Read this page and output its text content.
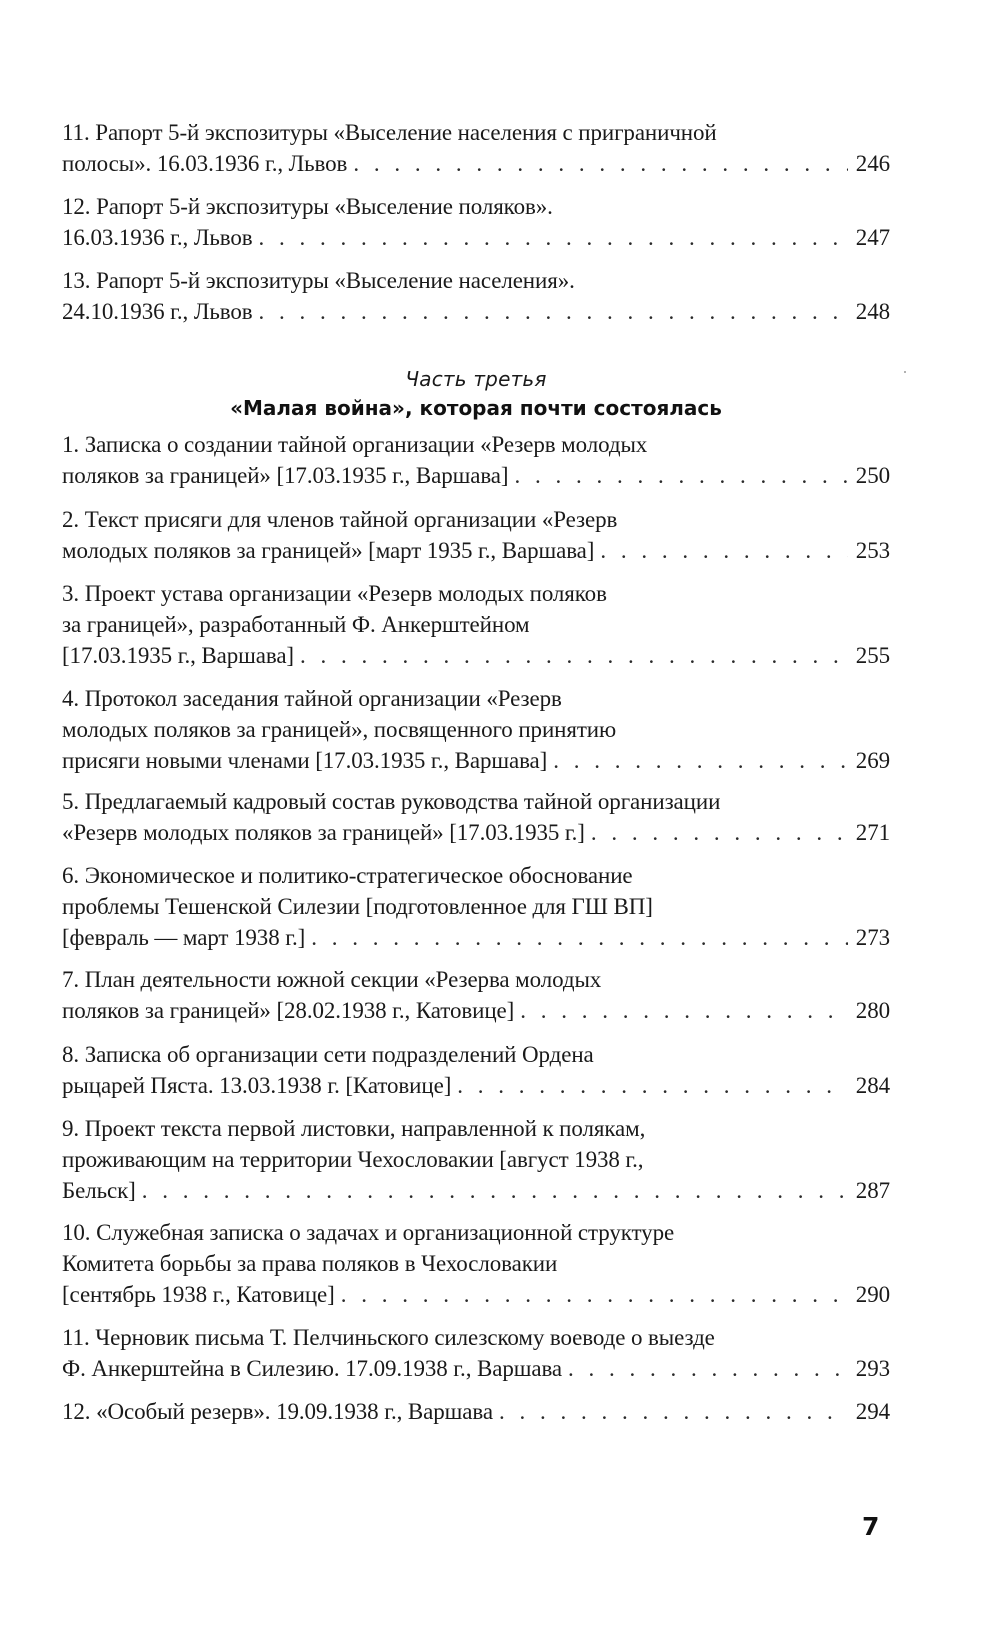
11. Рапорт 5-й экспозитуры «Выселение населения с приграничной
полосы». 16.03.1936 г., Львов . . .	246
12. Рапорт 5-й экспозитуры «Выселение поляков».
16.03.1936 г., Львов . . .	247
13. Рапорт 5-й экспозитуры «Выселение населения».
24.10.1936 г., Львов . . .	248
Часть третья
«Малая война», которая почти состоялась
1. Записка о создании тайной организации «Резерв молодых
поляков за границей» [17.03.1935 г., Варшава] . . .	250
2. Текст присяги для членов тайной организации «Резерв
молодых поляков за границей» [март 1935 г., Варшава] . . .	253
3. Проект устава организации «Резерв молодых поляков
за границей», разработанный Ф. Анкерштейном
[17.03.1935 г., Варшава] . . .	255
4. Протокол заседания тайной организации «Резерв
молодых поляков за границей», посвященного принятию
присяги новыми членами [17.03.1935 г., Варшава] . . .	269
5. Предлагаемый кадровый состав руководства тайной организации
«Резерв молодых поляков за границей» [17.03.1935 г.] . . .	271
6. Экономическое и политико-стратегическое обоснование
проблемы Тешенской Силезии [подготовленное для ГШ ВП]
[февраль — март 1938 г.] . . .	273
7. План деятельности южной секции «Резерва молодых
поляков за границей» [28.02.1938 г., Катовице] . . .	280
8. Записка об организации сети подразделений Ордена
рыцарей Пяста. 13.03.1938 г. [Катовице] . . .	284
9. Проект текста первой листовки, направленной к полякам,
проживающим на территории Чехословакии [август 1938 г.,
Бельск] . . .	287
10. Служебная записка о задачах и организационной структуре
Комитета борьбы за права поляков в Чехословакии
[сентябрь 1938 г., Катовице] . . .	290
11. Черновик письма Т. Пелчиньского силезскому воеводе о выезде
Ф. Анкерштейна в Силезию. 17.09.1938 г., Варшава . . .	293
12. «Особый резерв». 19.09.1938 г., Варшава . . .	294
7
